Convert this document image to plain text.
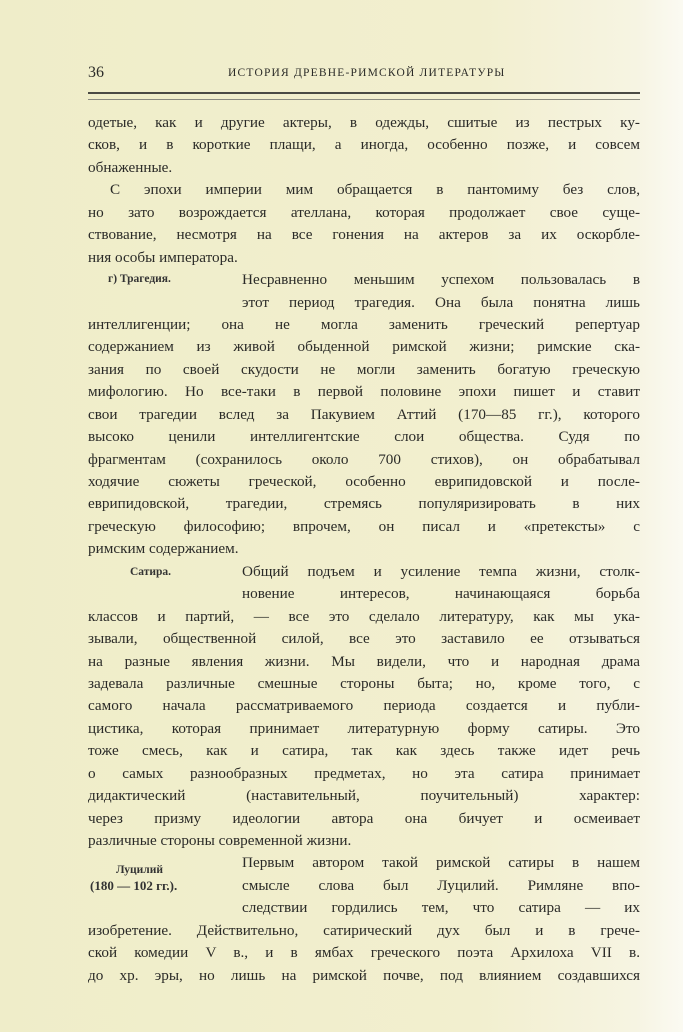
36	ИСТОРИЯ ДРЕВНЕ-РИМСКОЙ ЛИТЕРАТУРЫ
г) Трагедия.
Сатира.
Луцилий
(180 — 102 гг.).
одетые, как и другие актеры, в одежды, сшитые из пестрых ку-
сков, и в короткие плащи, а иногда, особенно позже, и совсем
обнаженные.
С эпохи империи мим обращается в пантомиму без слов,
но зато возрождается ателлана, которая продолжает свое суще-
ствование, несмотря на все гонения на актеров за их оскорбле-
ния особы императора.
Несравненно меньшим успехом пользовалась в
этот период трагедия. Она была понятна лишь
интеллигенции; она не могла заменить греческий репертуар
содержанием из живой обыденной римской жизни; римские ска-
зания по своей скудости не могли заменить богатую греческую
мифологию. Но все-таки в первой половине эпохи пишет и ставит
свои трагедии вслед за Пакувием Аттий (170—85 гг.), которого
высоко ценили интеллигентские слои общества. Судя по
фрагментам (сохранилось около 700 стихов), он обрабатывал
ходячие сюжеты греческой, особенно еврипидовской и после-
еврипидовской, трагедии, стремясь популяризировать в них
греческую философию; впрочем, он писал и «претексты» с
римским содержанием.
Общий подъем и усиление темпа жизни, столк-
новение интересов, начинающаяся борьба
классов и партий, — все это сделало литературу, как мы ука-
зывали, общественной силой, все это заставило ее отзываться
на разные явления жизни. Мы видели, что и народная драма
задевала различные смешные стороны быта; но, кроме того, с
самого начала рассматриваемого периода создается и публи-
цистика, которая принимает литературную форму сатиры. Это
тоже смесь, как и сатира, так как здесь также идет речь
о самых разнообразных предметах, но эта сатира принимает
дидактический (наставительный, поучительный) характер:
через призму идеологии автора она бичует и осмеивает
различные стороны современной жизни.
Первым автором такой римской сатиры в нашем
смысле слова был Луцилий. Римляне впо-
следствии гордились тем, что сатира — их
изобретение. Действительно, сатирический дух был и в грече-
ской комедии V в., и в ямбах греческого поэта Архилоха VII в.
до хр. эры, но лишь на римской почве, под влиянием создавшихся
